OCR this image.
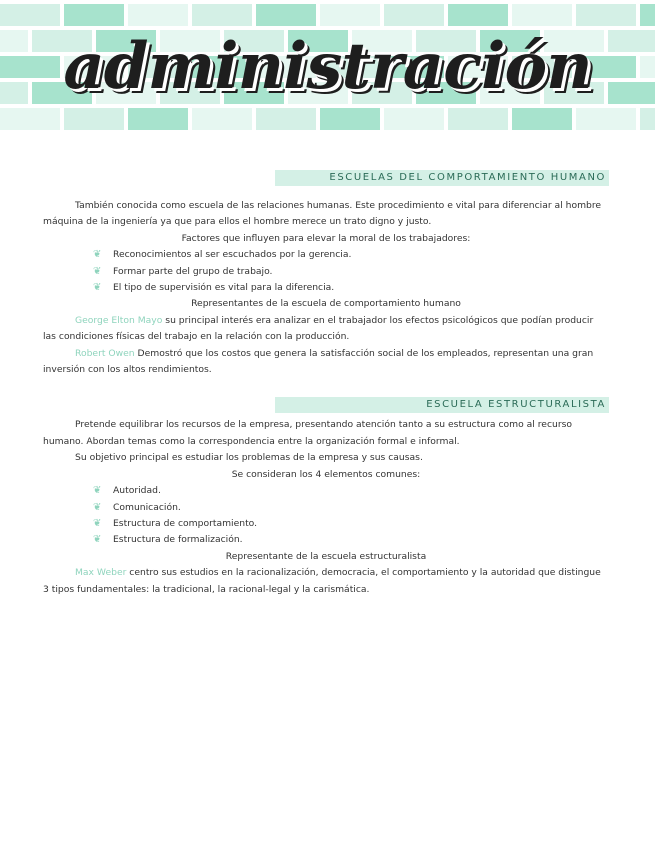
administración
ESCUELAS DEL COMPORTAMIENTO HUMANO

También conocida como escuela de las relaciones humanas. Este procedimiento e vital para diferenciar al hombre máquina de la ingeniería ya que para ellos el hombre merece un trato digno y justo.

Factores que influyen para elevar la moral de los trabajadores:

❦ Reconocimientos al ser escuchados por la gerencia.
❦ Formar parte del grupo de trabajo.
❦ El tipo de supervisión es vital para la diferencia.

Representantes de la escuela de comportamiento humano

George Elton Mayo su principal interés era analizar en el trabajador los efectos psicológicos que podían producir las condiciones físicas del trabajo en la relación con la producción.

Robert Owen Demostró que los costos que genera la satisfacción social de los empleados, representan una gran inversión con los altos rendimientos.

ESCUELA ESTRUCTURALISTA

Pretende equilibrar los recursos de la empresa, presentando atención tanto a su estructura como al recurso humano. Abordan temas como la correspondencia entre la organización formal e informal.

Su objetivo principal es estudiar los problemas de la empresa y sus causas.

Se consideran los 4 elementos comunes:

❦ Autoridad.
❦ Comunicación.
❦ Estructura de comportamiento.
❦ Estructura de formalización.

Representante de la escuela estructuralista

Max Weber centro sus estudios en la racionalización, democracia, el comportamiento y la autoridad que distingue 3 tipos fundamentales: la tradicional, la racional-legal y la carismática.
